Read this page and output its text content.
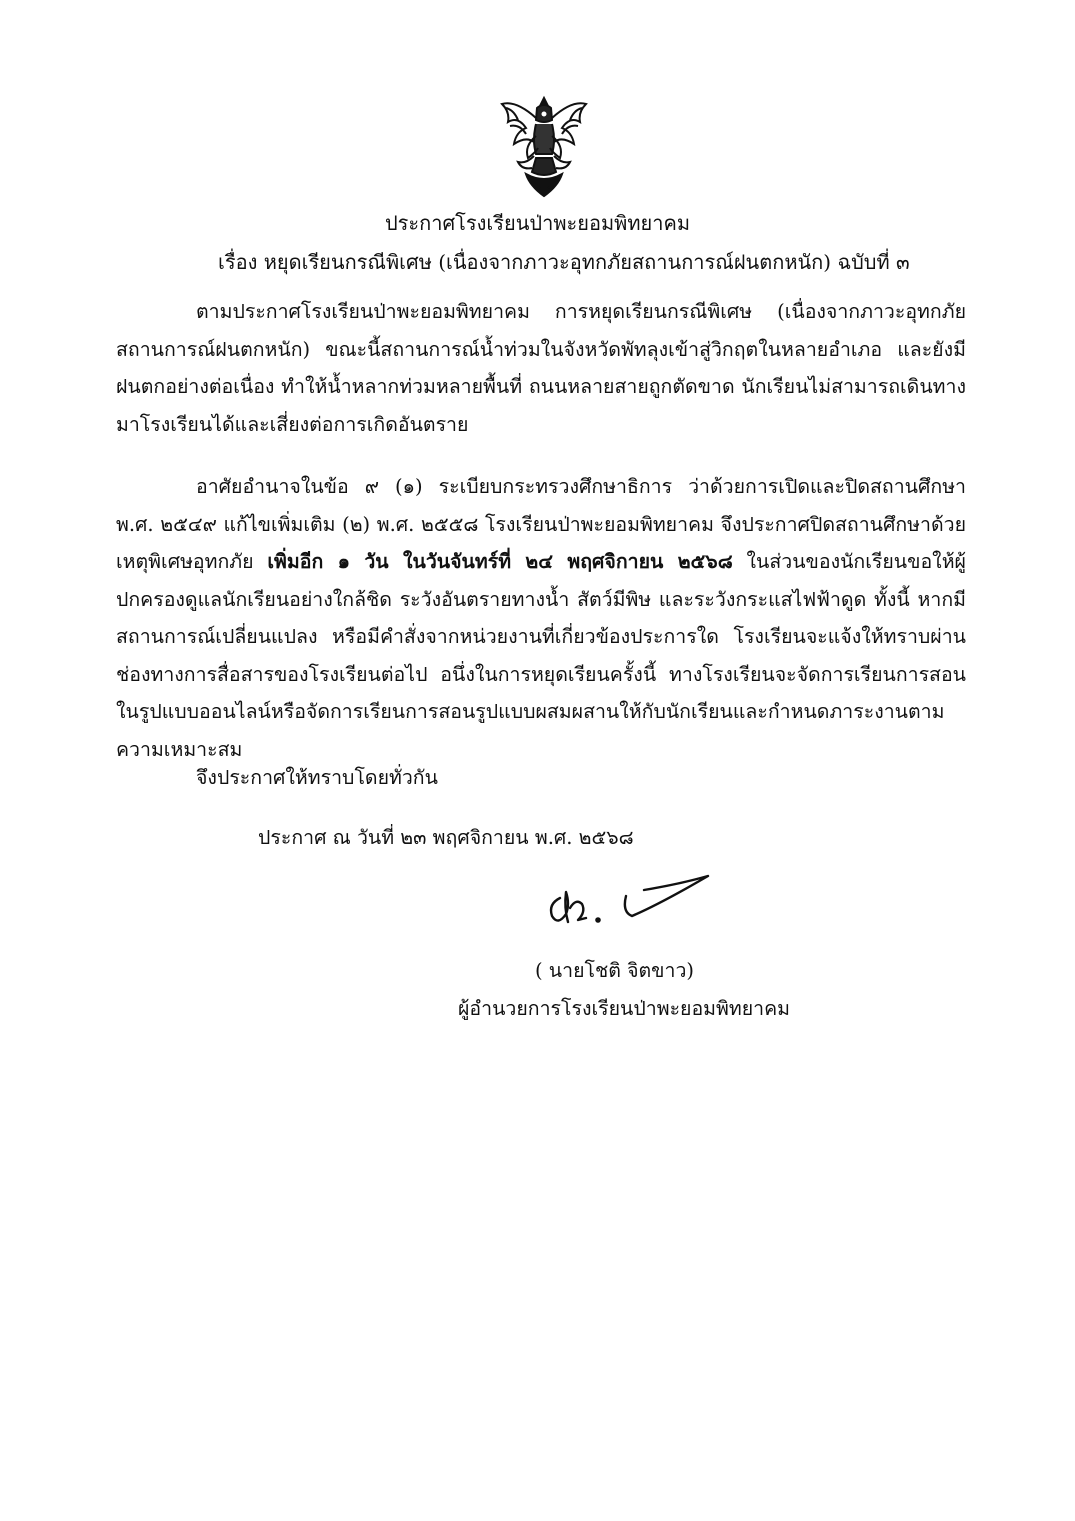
ประกาศโรงเรียนป่าพะยอมพิทยาคม
เรื่อง หยุดเรียนกรณีพิเศษ (เนื่องจากภาวะอุทกภัยสถานการณ์ฝนตกหนัก) ฉบับที่ ๓
ตามประกาศโรงเรียนป่าพะยอมพิทยาคม การหยุดเรียนกรณีพิเศษ (เนื่องจากภาวะอุทกภัยสถานการณ์ฝนตกหนัก) ขณะนี้สถานการณ์น้ำท่วมในจังหวัดพัทลุงเข้าสู่วิกฤตในหลายอำเภอ และยังมีฝนตกอย่างต่อเนื่อง ทำให้น้ำหลากท่วมหลายพื้นที่ ถนนหลายสายถูกตัดขาด นักเรียนไม่สามารถเดินทางมาโรงเรียนได้และเสี่ยงต่อการเกิดอันตราย
อาศัยอำนาจในข้อ ๙ (๑) ระเบียบกระทรวงศึกษาธิการ ว่าด้วยการเปิดและปิดสถานศึกษา พ.ศ. ๒๕๔๙ แก้ไขเพิ่มเติม (๒) พ.ศ. ๒๕๕๘ โรงเรียนป่าพะยอมพิทยาคม จึงประกาศปิดสถานศึกษาด้วยเหตุพิเศษอุทกภัย เพิ่มอีก ๑ วัน ในวันจันทร์ที่ ๒๔ พฤศจิกายน ๒๕๖๘ ในส่วนของนักเรียนขอให้ผู้ปกครองดูแลนักเรียนอย่างใกล้ชิด ระวังอันตรายทางน้ำ สัตว์มีพิษ และระวังกระแสไฟฟ้าดูด ทั้งนี้ หากมีสถานการณ์เปลี่ยนแปลง หรือมีคำสั่งจากหน่วยงานที่เกี่ยวข้องประการใด โรงเรียนจะแจ้งให้ทราบผ่านช่องทางการสื่อสารของโรงเรียนต่อไป อนึ่งในการหยุดเรียนครั้งนี้ ทางโรงเรียนจะจัดการเรียนการสอนในรูปแบบออนไลน์หรือจัดการเรียนการสอนรูปแบบผสมผสานให้กับนักเรียนและกำหนดภาระงานตามความเหมาะสม
จึงประกาศให้ทราบโดยทั่วกัน
ประกาศ ณ วันที่ ๒๓ พฤศจิกายน พ.ศ. ๒๕๖๘
( นายโชติ จิตขาว)
ผู้อำนวยการโรงเรียนป่าพะยอมพิทยาคม
